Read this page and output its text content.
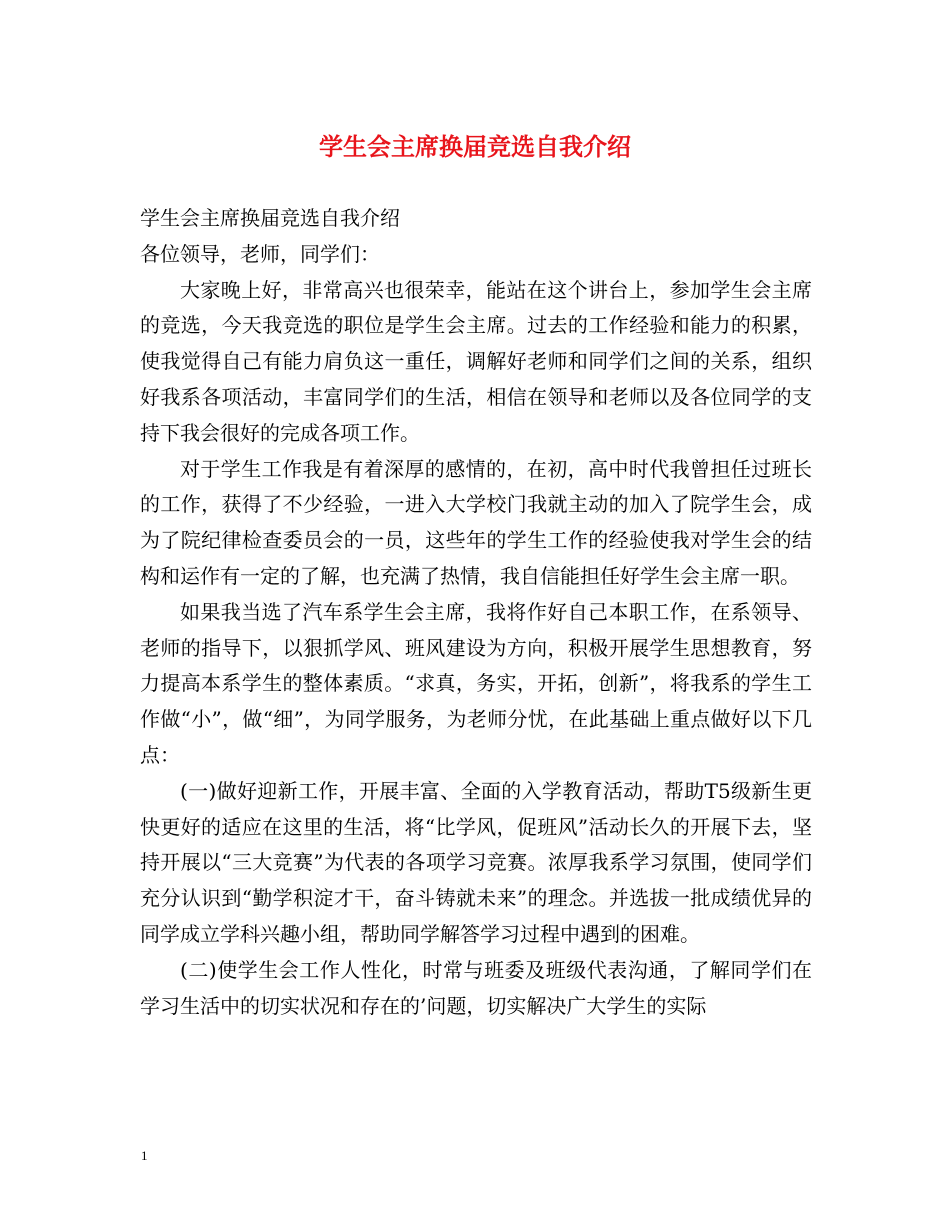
学生会主席换届竞选自我介绍

学生会主席换届竞选自我介绍

各位领导，老师，同学们：

大家晚上好，非常高兴也很荣幸，能站在这个讲台上，参加学生会主席的竞选，今天我竞选的职位是学生会主席。过去的工作经验和能力的积累，使我觉得自己有能力肩负这一重任，调解好老师和同学们之间的关系，组织好我系各项活动，丰富同学们的生活，相信在领导和老师以及各位同学的支持下我会很好的完成各项工作。

对于学生工作我是有着深厚的感情的，在初，高中时代我曾担任过班长的工作，获得了不少经验，一进入大学校门我就主动的加入了院学生会，成为了院纪律检查委员会的一员，这些年的学生工作的经验使我对学生会的结构和运作有一定的了解，也充满了热情，我自信能担任好学生会主席一职。

如果我当选了汽车系学生会主席，我将作好自己本职工作，在系领导、老师的指导下，以狠抓学风、班风建设为方向，积极开展学生思想教育，努力提高本系学生的整体素质。“求真，务实，开拓，创新”，将我系的学生工作做“小”，做“细”，为同学服务，为老师分忧，在此基础上重点做好以下几点：

(一)做好迎新工作，开展丰富、全面的入学教育活动，帮助T5级新生更快更好的适应在这里的生活，将“比学风，促班风”活动长久的开展下去，坚持开展以“三大竞赛”为代表的各项学习竞赛。浓厚我系学习氛围，使同学们充分认识到“勤学积淀才干，奋斗铸就未来”的理念。并选拔一批成绩优异的同学成立学科兴趣小组，帮助同学解答学习过程中遇到的困难。

(二)使学生会工作人性化，时常与班委及班级代表沟通，了解同学们在学习生活中的切实状况和存在的’问题，切实解决广大学生的实际

1
